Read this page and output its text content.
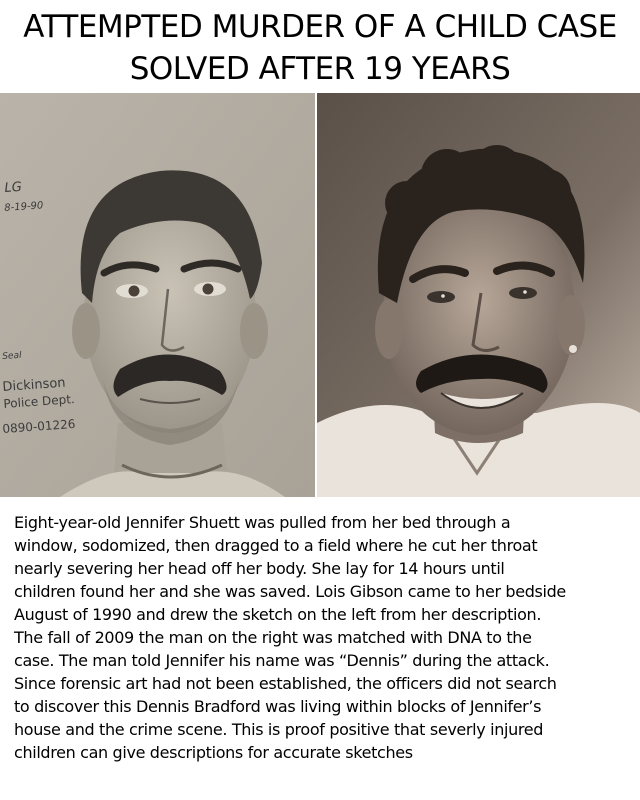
ATTEMPTED MURDER OF A CHILD CASE
SOLVED AFTER 19 YEARS
LG
8-19-90
Seal
Dickinson
Police Dept.
0890-01226
Eight-year-old Jennifer Shuett was pulled from her bed through a
window, sodomized, then dragged to a field where he cut her throat
nearly severing her head off her body. She lay for 14 hours until
children found her and she was saved. Lois Gibson came to her bedside
August of 1990 and drew the sketch on the left from her description.
The fall of 2009 the man on the right was matched with DNA to the
case. The man told Jennifer his name was “Dennis” during the attack.
Since forensic art had not been established, the officers did not search
to discover this Dennis Bradford was living within blocks of Jennifer’s
house and the crime scene. This is proof positive that severly injured
children can give descriptions for accurate sketches
